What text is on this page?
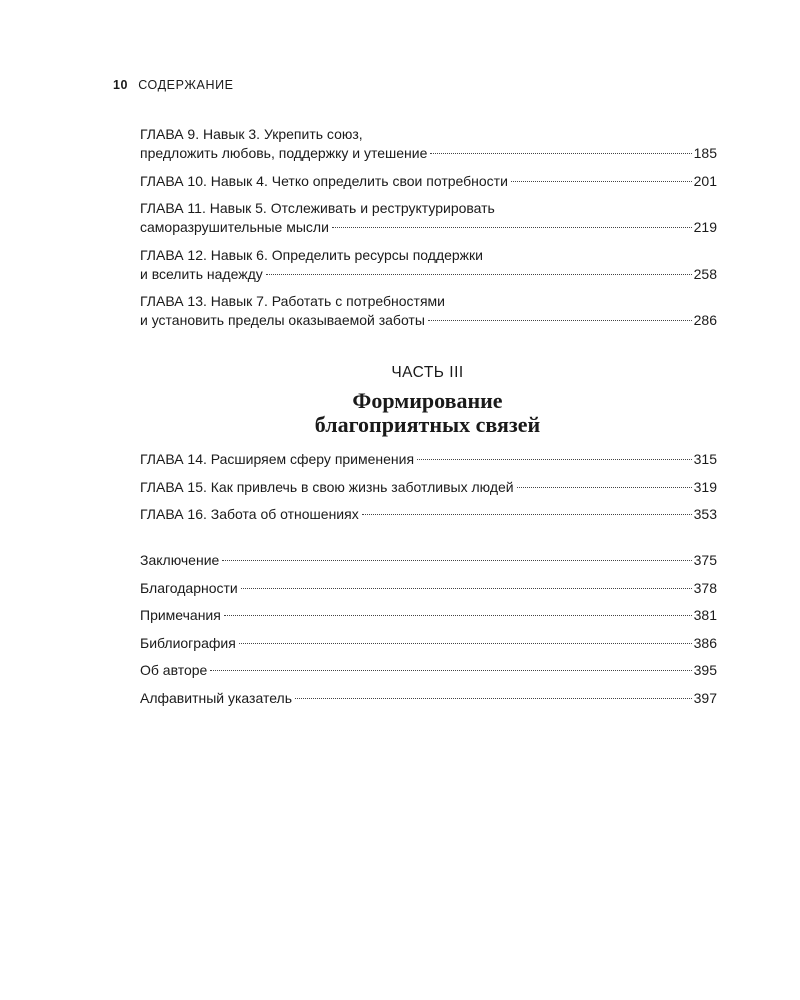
10 СОДЕРЖАНИЕ
ГЛАВА 9. Навык 3. Укрепить союз,
предложить любовь, поддержку и утешение	185
ГЛАВА 10. Навык 4. Четко определить свои потребности	201
ГЛАВА 11. Навык 5. Отслеживать и реструктурировать
саморазрушительные мысли	219
ГЛАВА 12. Навык 6. Определить ресурсы поддержки
и вселить надежду	258
ГЛАВА 13. Навык 7. Работать с потребностями
и установить пределы оказываемой заботы	286
ЧАСТЬ III
Формирование
благоприятных связей
ГЛАВА 14. Расширяем сферу применения	315
ГЛАВА 15. Как привлечь в свою жизнь заботливых людей	319
ГЛАВА 16. Забота об отношениях	353
Заключение	375
Благодарности	378
Примечания	381
Библиография	386
Об авторе	395
Алфавитный указатель	397
